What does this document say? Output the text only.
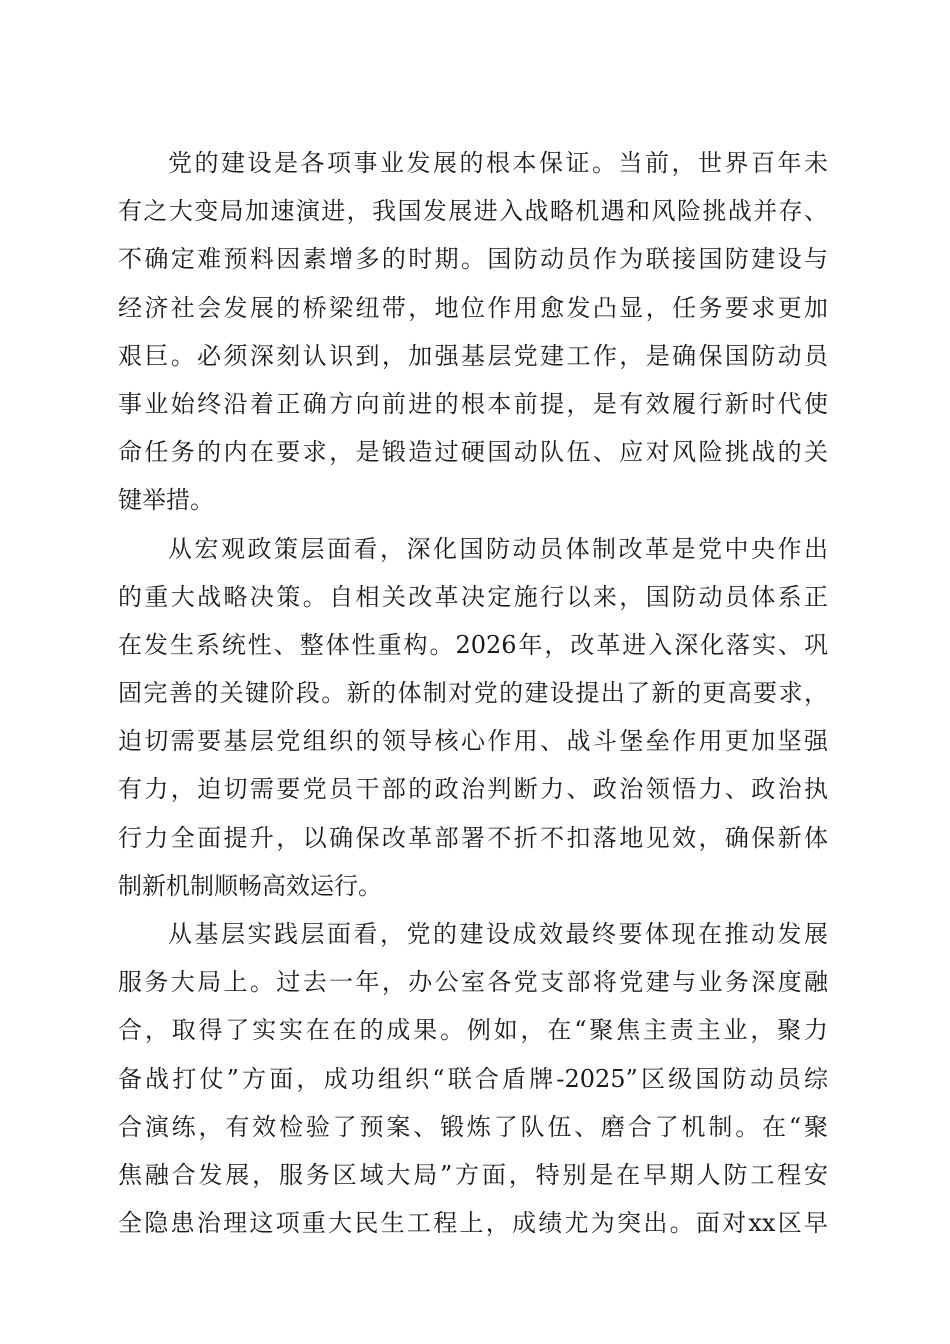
党的建设是各项事业发展的根本保证。当前，世界百年未
有之大变局加速演进，我国发展进入战略机遇和风险挑战并存、
不确定难预料因素增多的时期。国防动员作为联接国防建设与
经济社会发展的桥梁纽带，地位作用愈发凸显，任务要求更加
艰巨。必须深刻认识到，加强基层党建工作，是确保国防动员
事业始终沿着正确方向前进的根本前提，是有效履行新时代使
命任务的内在要求，是锻造过硬国动队伍、应对风险挑战的关
键举措。
从宏观政策层面看，深化国防动员体制改革是党中央作出
的重大战略决策。自相关改革决定施行以来，国防动员体系正
在发生系统性、整体性重构。2026年，改革进入深化落实、巩
固完善的关键阶段。新的体制对党的建设提出了新的更高要求，
迫切需要基层党组织的领导核心作用、战斗堡垒作用更加坚强
有力，迫切需要党员干部的政治判断力、政治领悟力、政治执
行力全面提升，以确保改革部署不折不扣落地见效，确保新体
制新机制顺畅高效运行。
从基层实践层面看，党的建设成效最终要体现在推动发展
服务大局上。过去一年，办公室各党支部将党建与业务深度融
合，取得了实实在在的成果。例如，在“聚焦主责主业，聚力
备战打仗”方面，成功组织“联合盾牌-2025”区级国防动员综
合演练，有效检验了预案、锻炼了队伍、磨合了机制。在“聚
焦融合发展，服务区域大局”方面，特别是在早期人防工程安
全隐患治理这项重大民生工程上，成绩尤为突出。面对xx区早
